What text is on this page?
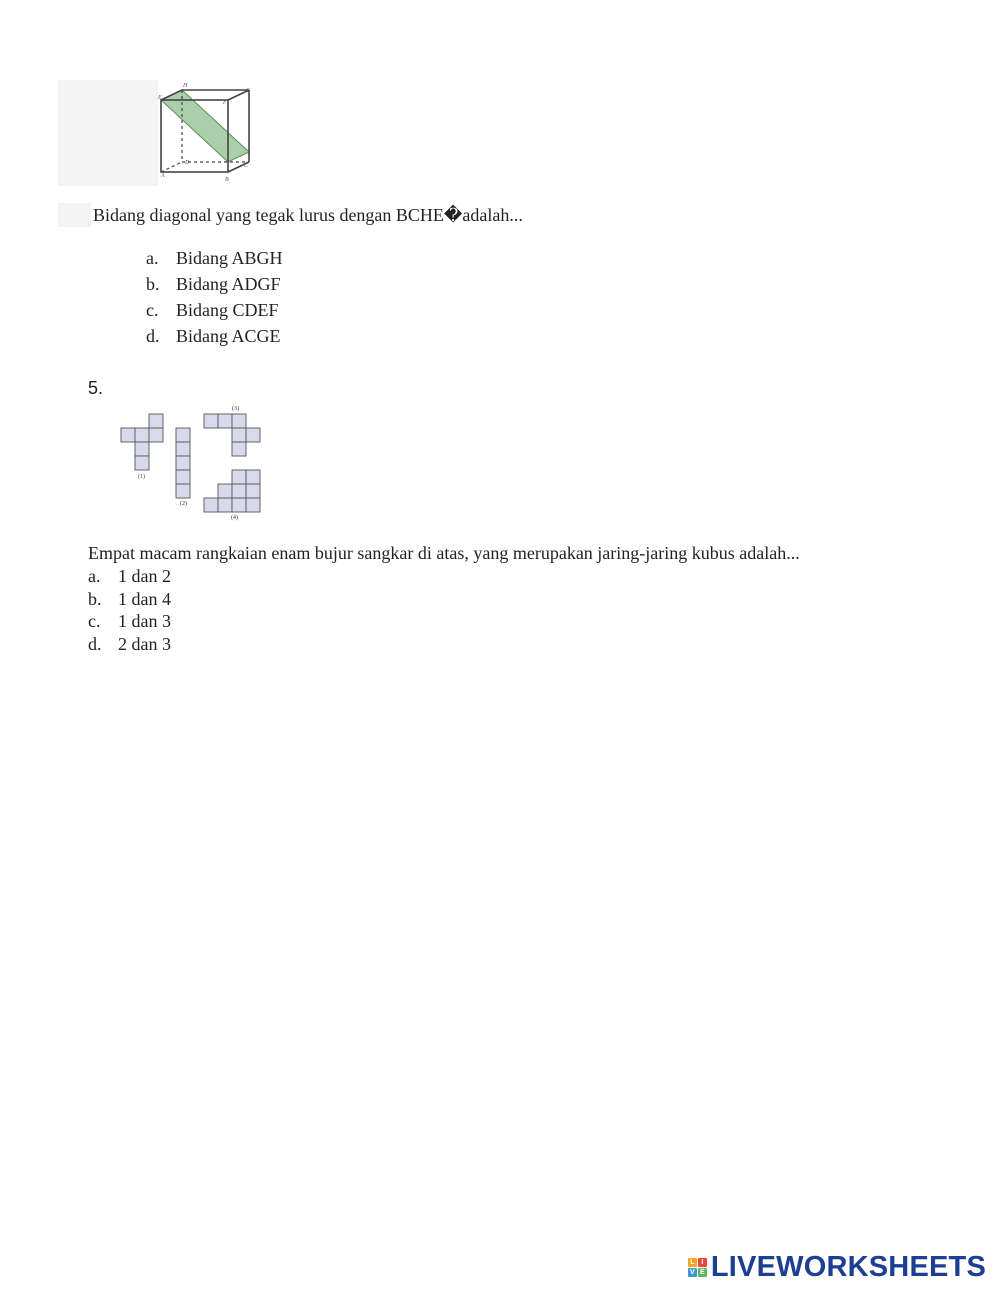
H
G
E
F
D	C
A
B
Bidang diagonal yang tegak lurus dengan BCHE�adalah...
a. Bidang ABGH
b. Bidang ADGF
c. Bidang CDEF
d. Bidang ACGE
5.
(1)
(2)
(3)
(4)
Empat macam rangkaian enam bujur sangkar di atas, yang merupakan jaring-jaring kubus adalah...
a. 1 dan 2
b. 1 dan 4
c. 1 dan 3
d. 2 dan 3
L I
V E LIVEWORKSHEETS
